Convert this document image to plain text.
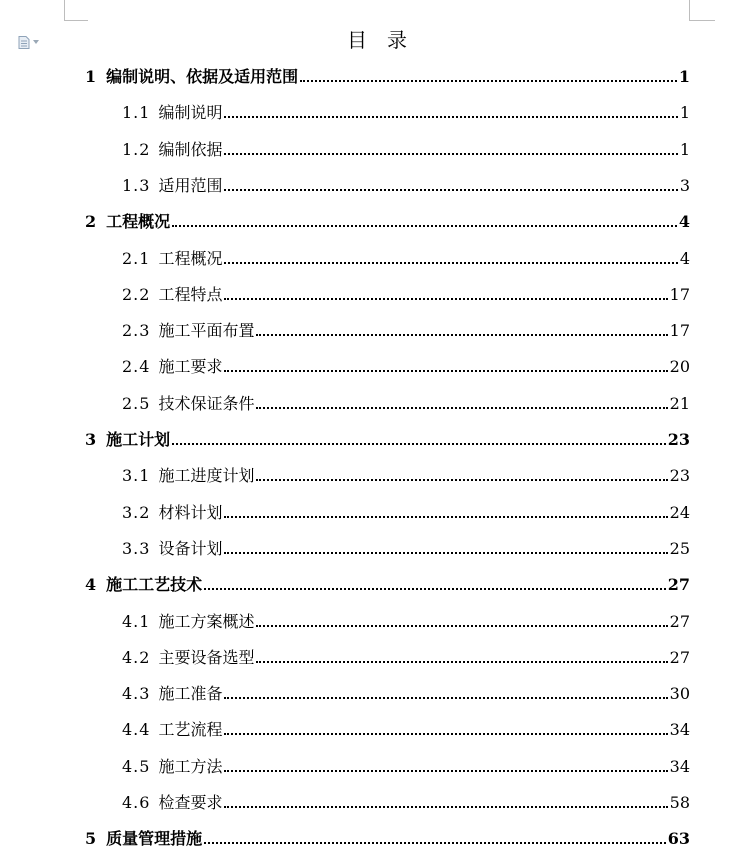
目　录
1 编制说明、依据及适用范围	1
1.1 编制说明	1
1.2 编制依据	1
1.3 适用范围	3
2 工程概况	4
2.1 工程概况	4
2.2 工程特点	17
2.3 施工平面布置	17
2.4 施工要求	20
2.5 技术保证条件	21
3 施工计划	23
3.1 施工进度计划	23
3.2 材料计划	24
3.3 设备计划	25
4 施工工艺技术	27
4.1 施工方案概述	27
4.2 主要设备选型	27
4.3 施工准备	30
4.4 工艺流程	34
4.5 施工方法	34
4.6 检查要求	58
5 质量管理措施	63
